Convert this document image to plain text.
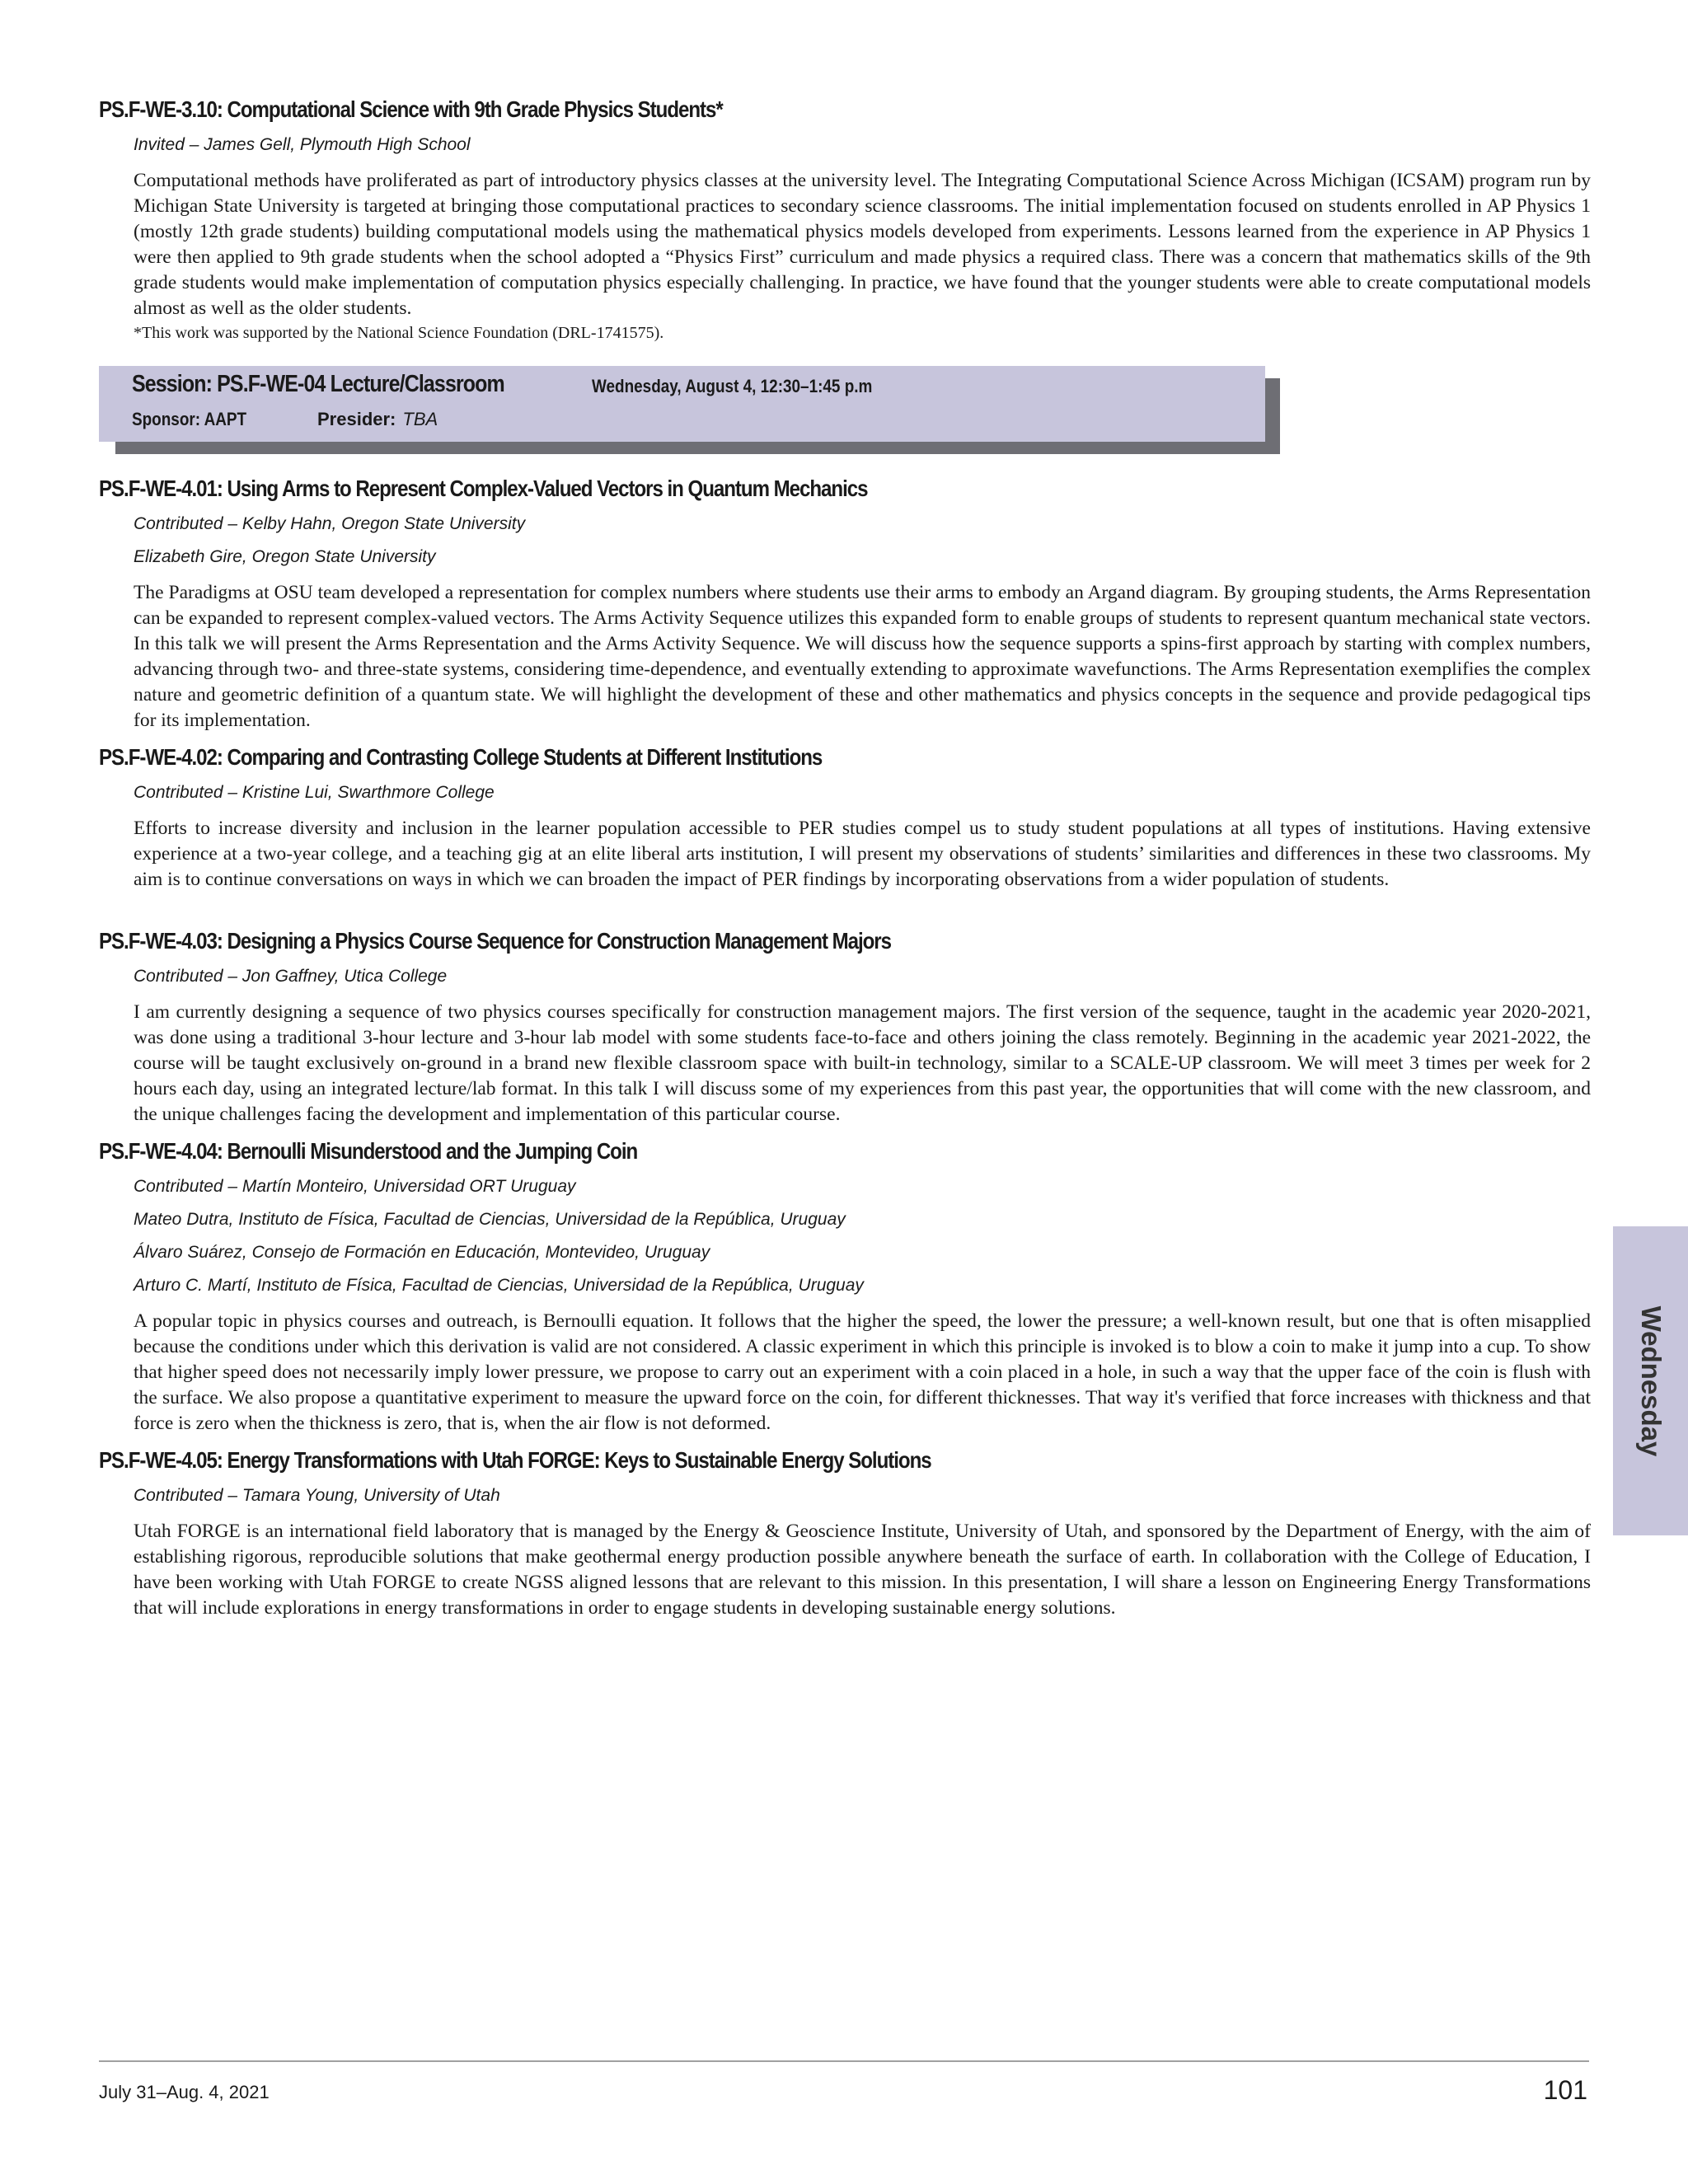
PS.F-WE-3.10: Computational Science with 9th Grade Physics Students*
Invited – James Gell, Plymouth High School
Computational methods have proliferated as part of introductory physics classes at the university level. The Integrating Computational Science Across Michigan (ICSAM) program run by Michigan State University is targeted at bringing those computational practices to secondary science classrooms. The initial implementation focused on students enrolled in AP Physics 1 (mostly 12th grade students) building computational models using the mathematical physics models developed from experiments. Lessons learned from the experience in AP Physics 1 were then applied to 9th grade students when the school adopted a “Physics First” curriculum and made physics a required class. There was a concern that mathematics skills of the 9th grade students would make implementation of computation physics especially challenging. In practice, we have found that the younger students were able to create computational models almost as well as the older students.
*This work was supported by the National Science Foundation (DRL-1741575).
Session: PS.F-WE-04 Lecture/Classroom	Wednesday, August 4, 12:30–1:45 p.m
Sponsor: AAPT	Presider: TBA
PS.F-WE-4.01: Using Arms to Represent Complex-Valued Vectors in Quantum Mechanics
Contributed – Kelby Hahn, Oregon State University
Elizabeth Gire, Oregon State University
The Paradigms at OSU team developed a representation for complex numbers where students use their arms to embody an Argand diagram. By grouping students, the Arms Representation can be expanded to represent complex-valued vectors. The Arms Activity Sequence utilizes this expanded form to enable groups of students to represent quantum mechanical state vectors. In this talk we will present the Arms Representation and the Arms Activity Sequence. We will discuss how the sequence supports a spins-first approach by starting with complex numbers, advancing through two- and three-state systems, considering time-dependence, and eventually extending to approximate wavefunctions. The Arms Representation exemplifies the complex nature and geometric definition of a quantum state. We will highlight the development of these and other mathematics and physics concepts in the sequence and provide pedagogical tips for its implementation.
PS.F-WE-4.02: Comparing and Contrasting College Students at Different Institutions
Contributed – Kristine Lui, Swarthmore College
Efforts to increase diversity and inclusion in the learner population accessible to PER studies compel us to study student populations at all types of institutions. Having extensive experience at a two-year college, and a teaching gig at an elite liberal arts institution, I will present my observations of students’ similarities and differences in these two classrooms. My aim is to continue conversations on ways in which we can broaden the impact of PER findings by incorporating observations from a wider population of students.
PS.F-WE-4.03: Designing a Physics Course Sequence for Construction Management Majors
Contributed – Jon Gaffney, Utica College
I am currently designing a sequence of two physics courses specifically for construction management majors. The first version of the sequence, taught in the academic year 2020-2021, was done using a traditional 3-hour lecture and 3-hour lab model with some students face-to-face and others joining the class remotely. Beginning in the academic year 2021-2022, the course will be taught exclusively on-ground in a brand new flexible classroom space with built-in technology, similar to a SCALE-UP classroom. We will meet 3 times per week for 2 hours each day, using an integrated lecture/lab format. In this talk I will discuss some of my experiences from this past year, the opportunities that will come with the new classroom, and the unique challenges facing the development and implementation of this particular course.
PS.F-WE-4.04: Bernoulli Misunderstood and the Jumping Coin
Contributed – Martín Monteiro, Universidad ORT Uruguay
Mateo Dutra, Instituto de Física, Facultad de Ciencias, Universidad de la República, Uruguay
Álvaro Suárez, Consejo de Formación en Educación, Montevideo, Uruguay
Arturo C. Martí, Instituto de Física, Facultad de Ciencias, Universidad de la República, Uruguay
A popular topic in physics courses and outreach, is Bernoulli equation. It follows that the higher the speed, the lower the pressure; a well-known result, but one that is often misapplied because the conditions under which this derivation is valid are not considered. A classic experiment in which this principle is invoked is to blow a coin to make it jump into a cup. To show that higher speed does not necessarily imply lower pressure, we propose to carry out an experiment with a coin placed in a hole, in such a way that the upper face of the coin is flush with the surface. We also propose a quantitative experiment to measure the upward force on the coin, for different thicknesses. That way it's verified that force increases with thickness and that force is zero when the thickness is zero, that is, when the air flow is not deformed.
PS.F-WE-4.05: Energy Transformations with Utah FORGE: Keys to Sustainable Energy Solutions
Contributed – Tamara Young, University of Utah
Utah FORGE is an international field laboratory that is managed by the Energy & Geoscience Institute, University of Utah, and sponsored by the Department of Energy, with the aim of establishing rigorous, reproducible solutions that make geothermal energy production possible anywhere beneath the surface of earth. In collaboration with the College of Education, I have been working with Utah FORGE to create NGSS aligned lessons that are relevant to this mission. In this presentation, I will share a lesson on Engineering Energy Transformations that will include explorations in energy transformations in order to engage students in developing sustainable energy solutions.
Wednesday
July 31–Aug. 4, 2021	101
